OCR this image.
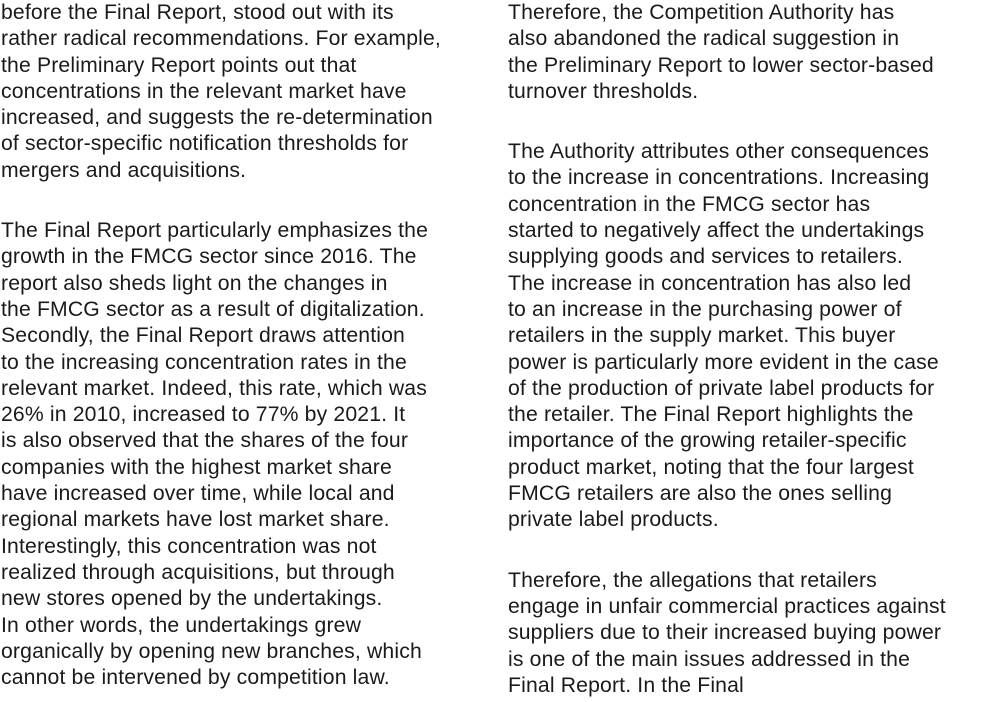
before the Final Report, stood out with its
rather radical recommendations. For example,
the Preliminary Report points out that
concentrations in the relevant market have
increased, and suggests the re-determination
of sector-specific notification thresholds for
mergers and acquisitions.

The Final Report particularly emphasizes the
growth in the FMCG sector since 2016. The
report also sheds light on the changes in
the FMCG sector as a result of digitalization.
Secondly, the Final Report draws attention
to the increasing concentration rates in the
relevant market. Indeed, this rate, which was
26% in 2010, increased to 77% by 2021. It
is also observed that the shares of the four
companies with the highest market share
have increased over time, while local and
regional markets have lost market share.
Interestingly, this concentration was not
realized through acquisitions, but through
new stores opened by the undertakings.
In other words, the undertakings grew
organically by opening new branches, which
cannot be intervened by competition law.

Therefore, the Competition Authority has
also abandoned the radical suggestion in
the Preliminary Report to lower sector-based
turnover thresholds.

The Authority attributes other consequences
to the increase in concentrations. Increasing
concentration in the FMCG sector has
started to negatively affect the undertakings
supplying goods and services to retailers.
The increase in concentration has also led
to an increase in the purchasing power of
retailers in the supply market. This buyer
power is particularly more evident in the case
of the production of private label products for
the retailer. The Final Report highlights the
importance of the growing retailer-specific
product market, noting that the four largest
FMCG retailers are also the ones selling
private label products.

Therefore, the allegations that retailers
engage in unfair commercial practices against
suppliers due to their increased buying power
is one of the main issues addressed in the
Final Report. In the Final
